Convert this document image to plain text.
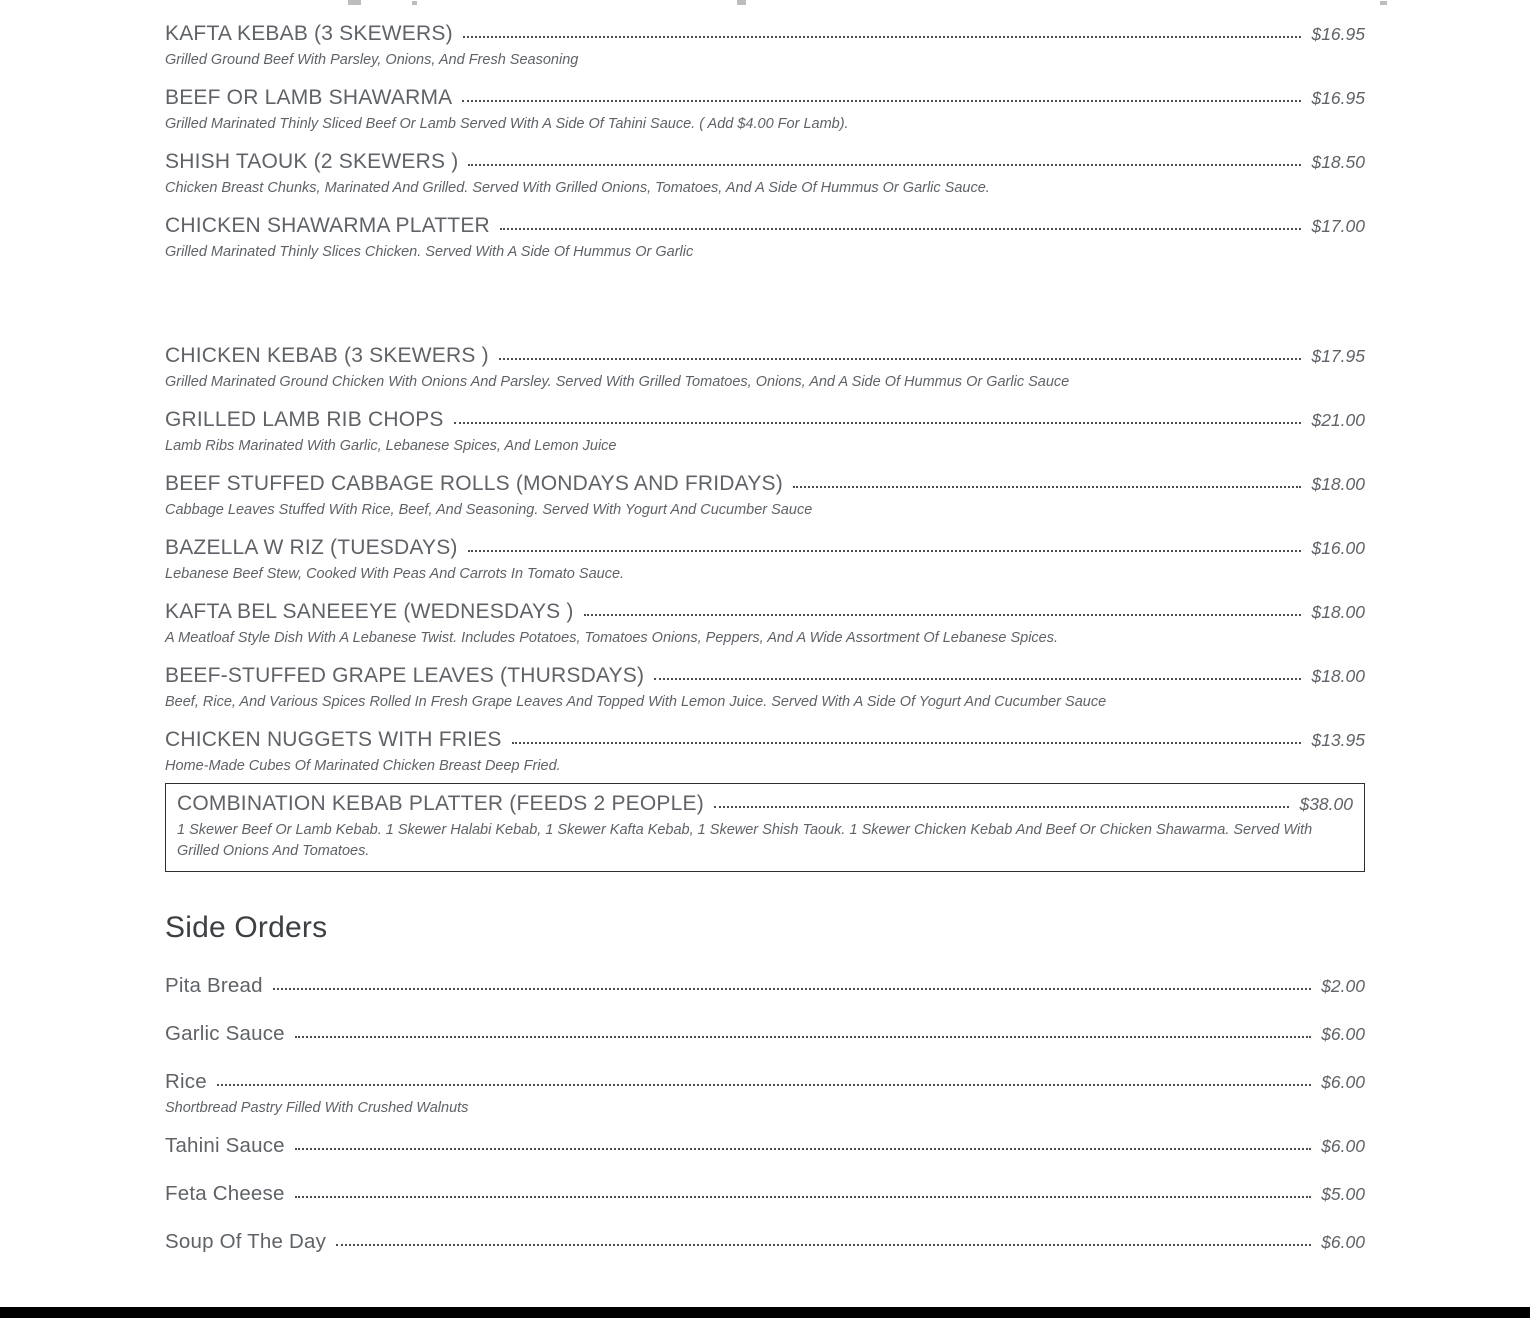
KAFTA KEBAB (3 SKEWERS)	$16.95
Grilled Ground Beef With Parsley, Onions, And Fresh Seasoning
BEEF OR LAMB SHAWARMA	$16.95
Grilled Marinated Thinly Sliced Beef Or Lamb Served With A Side Of Tahini Sauce. ( Add $4.00 For Lamb).
SHISH TAOUK (2 SKEWERS )	$18.50
Chicken Breast Chunks, Marinated And Grilled. Served With Grilled Onions, Tomatoes, And A Side Of Hummus Or Garlic Sauce.
CHICKEN SHAWARMA PLATTER	$17.00
Grilled Marinated Thinly Slices Chicken. Served With A Side Of Hummus Or Garlic
CHICKEN KEBAB (3 SKEWERS )	$17.95
Grilled Marinated Ground Chicken With Onions And Parsley. Served With Grilled Tomatoes, Onions, And A Side Of Hummus Or Garlic Sauce
GRILLED LAMB RIB CHOPS	$21.00
Lamb Ribs Marinated With Garlic, Lebanese Spices, And Lemon Juice
BEEF STUFFED CABBAGE ROLLS (MONDAYS AND FRIDAYS)	$18.00
Cabbage Leaves Stuffed With Rice, Beef, And Seasoning. Served With Yogurt And Cucumber Sauce
BAZELLA W RIZ (TUESDAYS)	$16.00
Lebanese Beef Stew, Cooked With Peas And Carrots In Tomato Sauce.
KAFTA BEL SANEEEYE (WEDNESDAYS )	$18.00
A Meatloaf Style Dish With A Lebanese Twist. Includes Potatoes, Tomatoes Onions, Peppers, And A Wide Assortment Of Lebanese Spices.
BEEF-STUFFED GRAPE LEAVES (THURSDAYS)	$18.00
Beef, Rice, And Various Spices Rolled In Fresh Grape Leaves And Topped With Lemon Juice. Served With A Side Of Yogurt And Cucumber Sauce
CHICKEN NUGGETS WITH FRIES	$13.95
Home-Made Cubes Of Marinated Chicken Breast Deep Fried.
COMBINATION KEBAB PLATTER (FEEDS 2 PEOPLE)	$38.00
1 Skewer Beef Or Lamb Kebab. 1 Skewer Halabi Kebab, 1 Skewer Kafta Kebab, 1 Skewer Shish Taouk. 1 Skewer Chicken Kebab And Beef Or Chicken Shawarma. Served With Grilled Onions And Tomatoes.
Side Orders
Pita Bread	$2.00
Garlic Sauce	$6.00
Rice	$6.00
Shortbread Pastry Filled With Crushed Walnuts
Tahini Sauce	$6.00
Feta Cheese	$5.00
Soup Of The Day	$6.00
